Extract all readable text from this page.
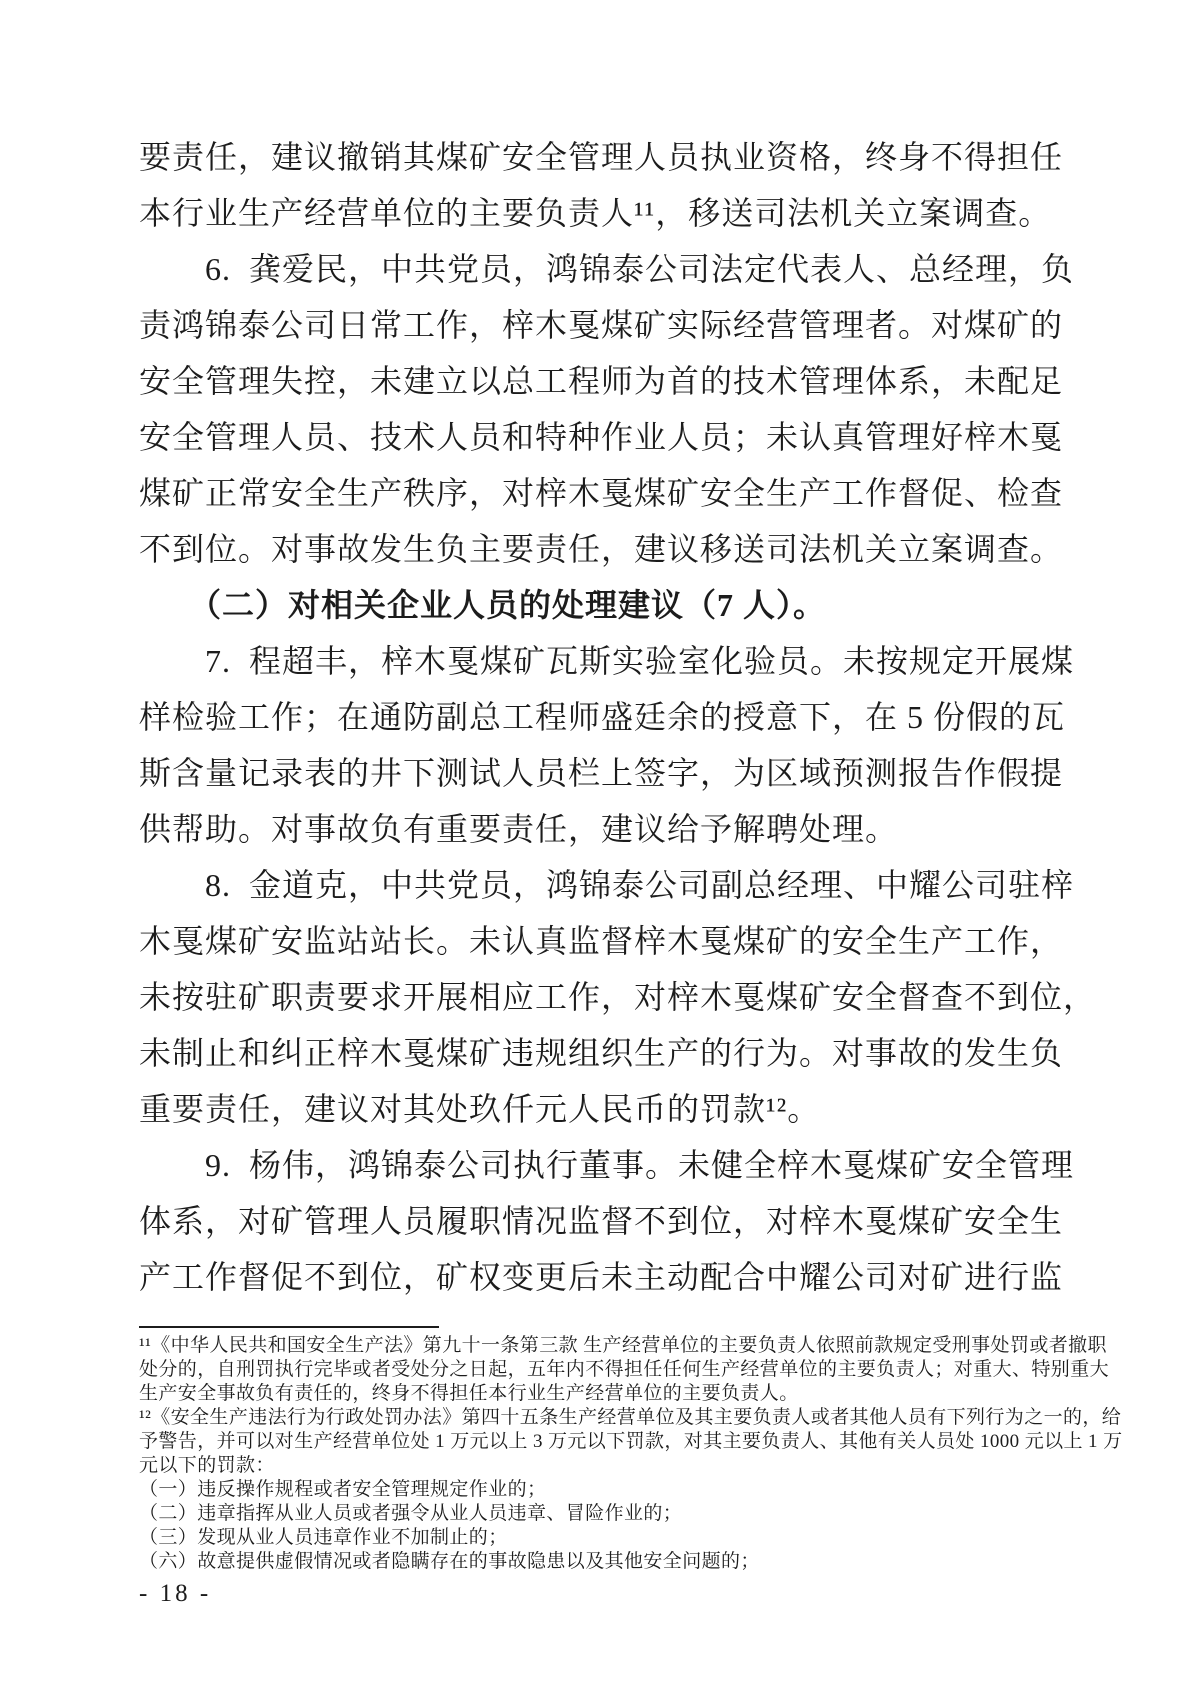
要责任，建议撤销其煤矿安全管理人员执业资格，终身不得担任
本行业生产经营单位的主要负责人¹¹，移送司法机关立案调查。
　　6.  龚爱民，中共党员，鸿锦泰公司法定代表人、总经理，负
责鸿锦泰公司日常工作，梓木戛煤矿实际经营管理者。对煤矿的
安全管理失控，未建立以总工程师为首的技术管理体系，未配足
安全管理人员、技术人员和特种作业人员；未认真管理好梓木戛
煤矿正常安全生产秩序，对梓木戛煤矿安全生产工作督促、检查
不到位。对事故发生负主要责任，建议移送司法机关立案调查。
　　（二）对相关企业人员的处理建议（7 人）。
　　7.  程超丰，梓木戛煤矿瓦斯实验室化验员。未按规定开展煤
样检验工作；在通防副总工程师盛廷余的授意下，在 5 份假的瓦
斯含量记录表的井下测试人员栏上签字，为区域预测报告作假提
供帮助。对事故负有重要责任，建议给予解聘处理。
　　8.  金道克，中共党员，鸿锦泰公司副总经理、中耀公司驻梓
木戛煤矿安监站站长。未认真监督梓木戛煤矿的安全生产工作，
未按驻矿职责要求开展相应工作，对梓木戛煤矿安全督查不到位，
未制止和纠正梓木戛煤矿违规组织生产的行为。对事故的发生负
重要责任，建议对其处玖仟元人民币的罚款¹²。
　　9.  杨伟，鸿锦泰公司执行董事。未健全梓木戛煤矿安全管理
体系，对矿管理人员履职情况监督不到位，对梓木戛煤矿安全生
产工作督促不到位，矿权变更后未主动配合中耀公司对矿进行监
¹¹《中华人民共和国安全生产法》第九十一条第三款 生产经营单位的主要负责人依照前款规定受刑事处罚或者撤职
处分的，自刑罚执行完毕或者受处分之日起，五年内不得担任任何生产经营单位的主要负责人；对重大、特别重大
生产安全事故负有责任的，终身不得担任本行业生产经营单位的主要负责人。
¹²《安全生产违法行为行政处罚办法》第四十五条生产经营单位及其主要负责人或者其他人员有下列行为之一的，给
予警告，并可以对生产经营单位处 1 万元以上 3 万元以下罚款，对其主要负责人、其他有关人员处 1000 元以上 1 万
元以下的罚款：
（一）违反操作规程或者安全管理规定作业的；
（二）违章指挥从业人员或者强令从业人员违章、冒险作业的；
（三）发现从业人员违章作业不加制止的；
（六）故意提供虚假情况或者隐瞒存在的事故隐患以及其他安全问题的；
- 18 -
